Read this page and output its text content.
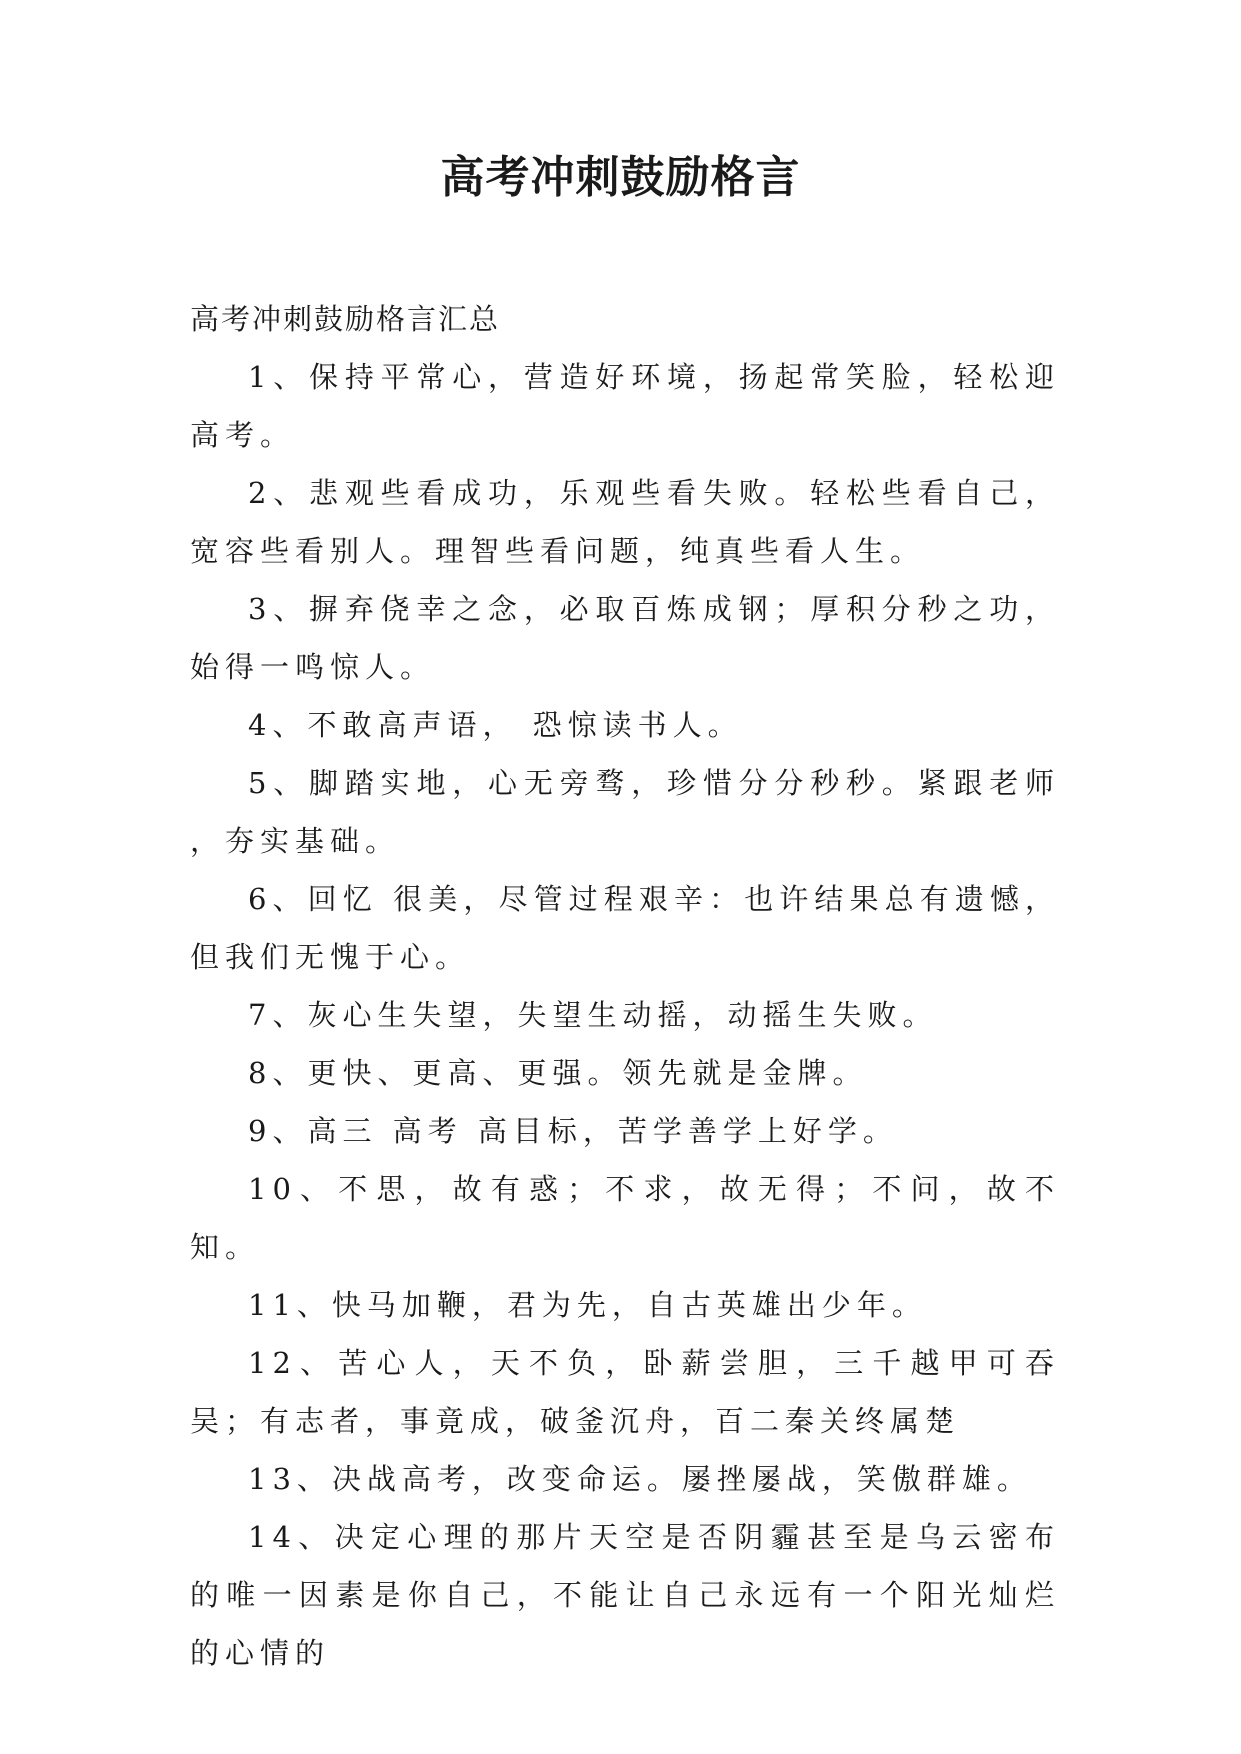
高考冲刺鼓励格言
高考冲刺鼓励格言汇总

1、保持平常心，营造好环境，扬起常笑脸，轻松迎高考。

2、悲观些看成功，乐观些看失败。轻松些看自己，宽容些看别人。理智些看问题，纯真些看人生。

3、摒弃侥幸之念，必取百炼成钢；厚积分秒之功，始得一鸣惊人。

4、不敢高声语， 恐惊读书人。

5、脚踏实地，心无旁骛，珍惜分分秒秒。紧跟老师 ，夯实基础。

6、回忆 很美，尽管过程艰辛：也许结果总有遗憾，但我们无愧于心。

7、灰心生失望，失望生动摇，动摇生失败。

8、更快、更高、更强。领先就是金牌。

9、高三 高考 高目标，苦学善学上好学。

10、不思，故有惑；不求，故无得；不问，故不知。

11、快马加鞭，君为先，自古英雄出少年。

12、苦心人，天不负，卧薪尝胆，三千越甲可吞吴；有志者，事竟成，破釜沉舟，百二秦关终属楚

13、决战高考，改变命运。屡挫屡战，笑傲群雄。

14、决定心理的那片天空是否阴霾甚至是乌云密布的唯一因素是你自己，不能让自己永远有一个阳光灿烂的心情的
